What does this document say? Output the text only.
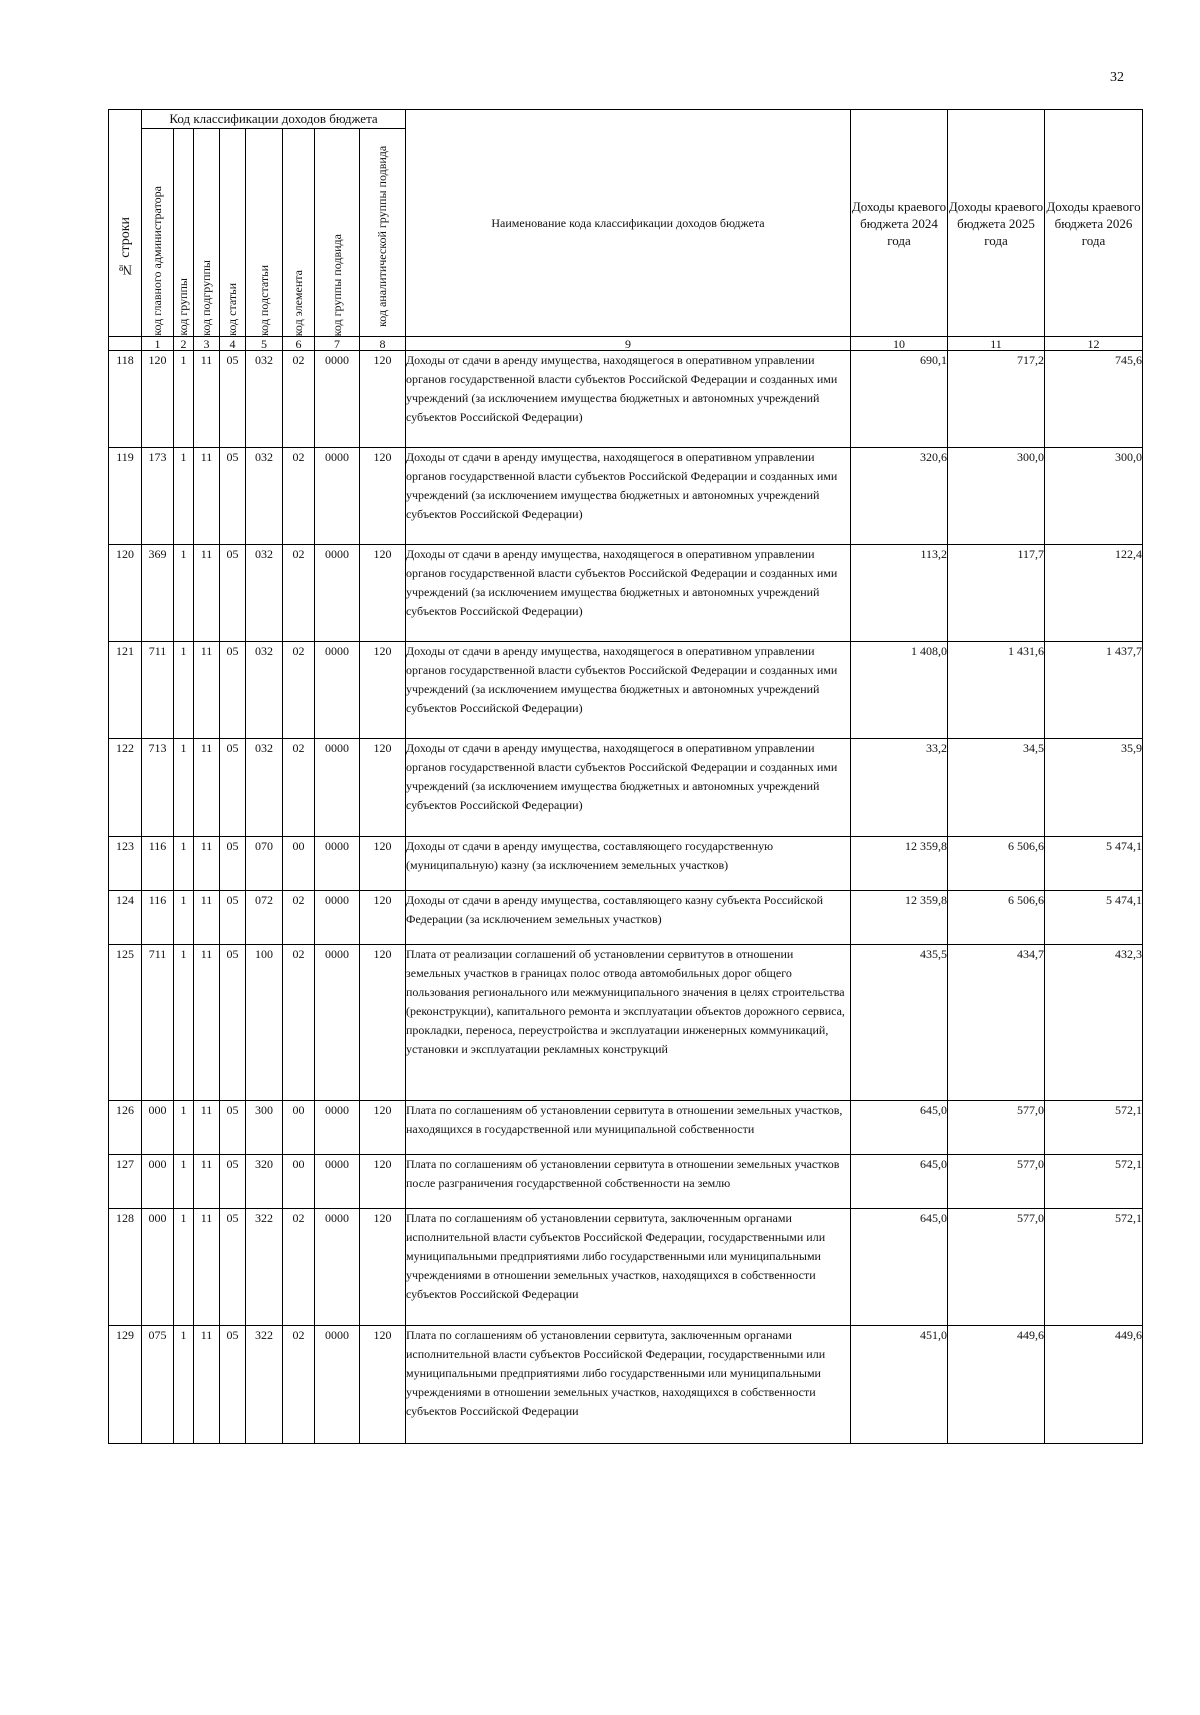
32
№ строки	Код классификации доходов бюджета								Наименование кода классификации доходов бюджета	Доходы краевого бюджета 2024 года	Доходы краевого бюджета 2025 года	Доходы краевого бюджета 2026 года

	код главного администратора	код группы	код подгруппы	код статьи	код подстатьи	код элемента	код группы подвида	код аналитической группы подвида				

	1	2	3	4	5	6	7	8	9	10	11	12
118	120	1	11	05	032	02	0000	120	Доходы от сдачи в аренду имущества, находящегося в оперативном управлении органов государственной власти субъектов Российской Федерации и созданных ими учреждений (за исключением имущества бюджетных и автономных учреждений субъектов Российской Федерации)	690,1	717,2	745,6
119	173	1	11	05	032	02	0000	120	Доходы от сдачи в аренду имущества, находящегося в оперативном управлении органов государственной власти субъектов Российской Федерации и созданных ими учреждений (за исключением имущества бюджетных и автономных учреждений субъектов Российской Федерации)	320,6	300,0	300,0
120	369	1	11	05	032	02	0000	120	Доходы от сдачи в аренду имущества, находящегося в оперативном управлении органов государственной власти субъектов Российской Федерации и созданных ими учреждений (за исключением имущества бюджетных и автономных учреждений субъектов Российской Федерации)	113,2	117,7	122,4
121	711	1	11	05	032	02	0000	120	Доходы от сдачи в аренду имущества, находящегося в оперативном управлении органов государственной власти субъектов Российской Федерации и созданных ими учреждений (за исключением имущества бюджетных и автономных учреждений субъектов Российской Федерации)	1 408,0	1 431,6	1 437,7
122	713	1	11	05	032	02	0000	120	Доходы от сдачи в аренду имущества, находящегося в оперативном управлении органов государственной власти субъектов Российской Федерации и созданных ими учреждений (за исключением имущества бюджетных и автономных учреждений субъектов Российской Федерации)	33,2	34,5	35,9
123	116	1	11	05	070	00	0000	120	Доходы от сдачи в аренду имущества, составляющего государственную (муниципальную) казну (за исключением земельных участков)	12 359,8	6 506,6	5 474,1
124	116	1	11	05	072	02	0000	120	Доходы от сдачи в аренду имущества, составляющего казну субъекта Российской Федерации (за исключением земельных участков)	12 359,8	6 506,6	5 474,1
125	711	1	11	05	100	02	0000	120	Плата от реализации соглашений об установлении сервитутов в отношении земельных участков в границах полос отвода автомобильных дорог общего пользования регионального или межмуниципального значения в целях строительства (реконструкции), капитального ремонта и эксплуатации объектов дорожного сервиса, прокладки, переноса, переустройства и эксплуатации инженерных коммуникаций, установки и эксплуатации рекламных конструкций	435,5	434,7	432,3
126	000	1	11	05	300	00	0000	120	Плата по соглашениям об установлении сервитута в отношении земельных участков, находящихся в государственной или муниципальной собственности	645,0	577,0	572,1
127	000	1	11	05	320	00	0000	120	Плата по соглашениям об установлении сервитута в отношении земельных участков после разграничения государственной собственности на землю	645,0	577,0	572,1
128	000	1	11	05	322	02	0000	120	Плата по соглашениям об установлении сервитута, заключенным органами исполнительной власти субъектов Российской Федерации, государственными или муниципальными предприятиями либо государственными или муниципальными учреждениями в отношении земельных участков, находящихся в собственности субъектов Российской Федерации	645,0	577,0	572,1
129	075	1	11	05	322	02	0000	120	Плата по соглашениям об установлении сервитута, заключенным органами исполнительной власти субъектов Российской Федерации, государственными или муниципальными предприятиями либо государственными или муниципальными учреждениями в отношении земельных участков, находящихся в собственности субъектов Российской Федерации	451,0	449,6	449,6
